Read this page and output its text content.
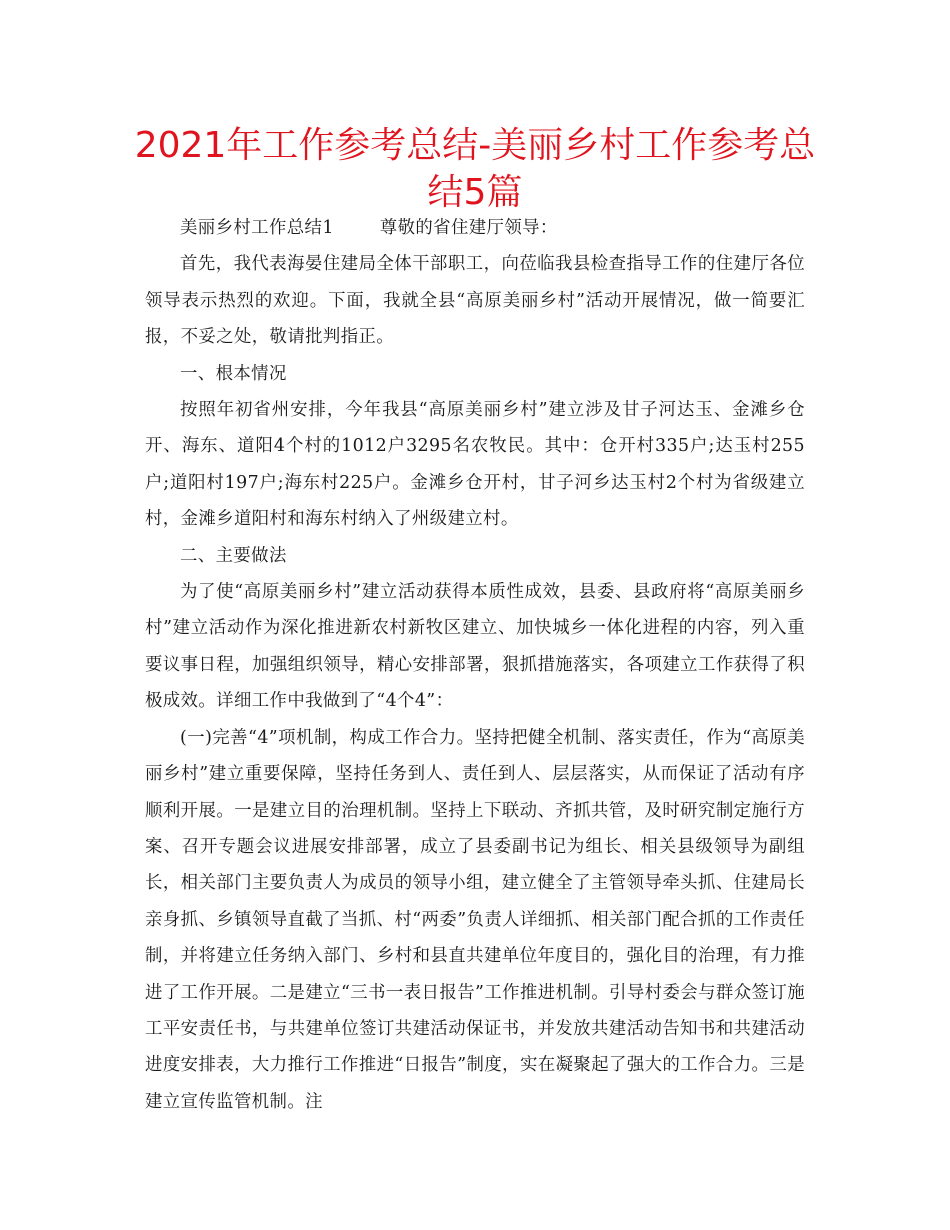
2021年工作参考总结-美丽乡村工作参考总结5篇

美丽乡村工作总结1	尊敬的省住建厅领导：

首先，我代表海晏住建局全体干部职工，向莅临我县检查指导工作的住建厅各位领导表示热烈的欢迎。下面，我就全县“高原美丽乡村”活动开展情况，做一简要汇报，不妥之处，敬请批判指正。

一、根本情况

按照年初省州安排，今年我县“高原美丽乡村”建立涉及甘子河达玉、金滩乡仓开、海东、道阳4个村的1012户3295名农牧民。其中：仓开村335户;达玉村255户;道阳村197户;海东村225户。金滩乡仓开村，甘子河乡达玉村2个村为省级建立村，金滩乡道阳村和海东村纳入了州级建立村。

二、主要做法

为了使“高原美丽乡村”建立活动获得本质性成效，县委、县政府将“高原美丽乡村”建立活动作为深化推进新农村新牧区建立、加快城乡一体化进程的内容，列入重要议事日程，加强组织领导，精心安排部署，狠抓措施落实，各项建立工作获得了积极成效。详细工作中我做到了“4个4”：

(一)完善“4”项机制，构成工作合力。坚持把健全机制、落实责任，作为“高原美丽乡村”建立重要保障，坚持任务到人、责任到人、层层落实，从而保证了活动有序顺利开展。一是建立目的治理机制。坚持上下联动、齐抓共管，及时研究制定施行方案、召开专题会议进展安排部署，成立了县委副书记为组长、相关县级领导为副组长，相关部门主要负责人为成员的领导小组，建立健全了主管领导牵头抓、住建局长亲身抓、乡镇领导直截了当抓、村“两委”负责人详细抓、相关部门配合抓的工作责任制，并将建立任务纳入部门、乡村和县直共建单位年度目的，强化目的治理，有力推进了工作开展。二是建立“三书一表日报告”工作推进机制。引导村委会与群众签订施工平安责任书，与共建单位签订共建活动保证书，并发放共建活动告知书和共建活动进度安排表，大力推行工作推进“日报告”制度，实在凝聚起了强大的工作合力。三是建立宣传监管机制。注
